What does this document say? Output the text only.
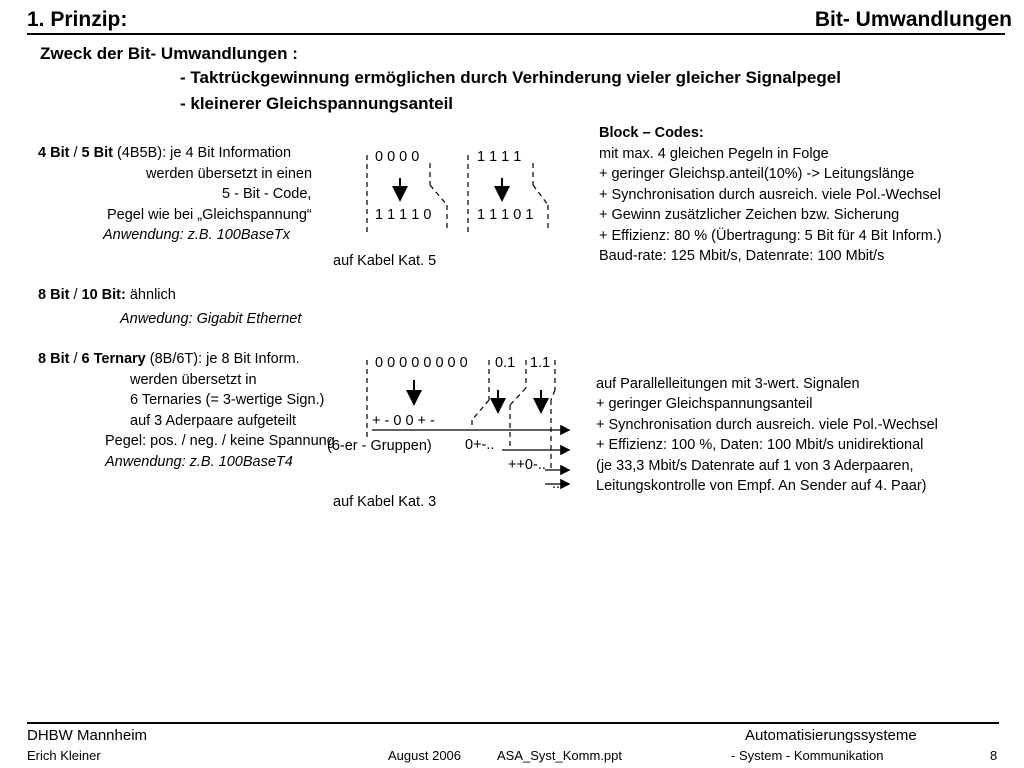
1. Prinzip:	Bit- Umwandlungen
Zweck der Bit- Umwandlungen :
- Taktrückgewinnung ermöglichen durch Verhinderung vieler gleicher Signalpegel
- kleinerer Gleichspannungsanteil
4 Bit / 5 Bit (4B5B): je 4 Bit Information
werden übersetzt in einen
5 - Bit - Code,
Pegel wie bei „Gleichspannung“
Anwendung: z.B. 100BaseTx
0 0 0 0	1 1 1 1
1 1 1 1 0	1 1 1 0 1
auf Kabel Kat. 5
Block – Codes:
mit max. 4 gleichen Pegeln in Folge
+ geringer Gleichsp.anteil(10%) -> Leitungslänge
+ Synchronisation durch ausreich. viele Pol.-Wechsel
+ Gewinn zusätzlicher Zeichen bzw. Sicherung
+ Effizienz: 80 % (Übertragung: 5 Bit für 4 Bit Inform.)
Baud-rate: 125 Mbit/s, Datenrate: 100 Mbit/s
8 Bit / 10 Bit: ähnlich
Anwedung: Gigabit Ethernet
8 Bit / 6 Ternary (8B/6T): je 8 Bit Inform.
werden übersetzt in
6 Ternaries (= 3-wertige Sign.)
auf 3 Aderpaare aufgeteilt
Pegel: pos. / neg. / keine Spannung
Anwendung: z.B. 100BaseT4
0 0 0 0 0 0 0 0 0.1 1.1
+ - 0 0 + -
(6-er - Gruppen) 0+-..
++0-..
..
auf Kabel Kat. 3
auf Parallelleitungen mit 3-wert. Signalen
+ geringer Gleichspannungsanteil
+ Synchronisation durch ausreich. viele Pol.-Wechsel
+ Effizienz: 100 %, Daten: 100 Mbit/s unidirektional
(je 33,3 Mbit/s Datenrate auf 1 von 3 Aderpaaren,
Leitungskontrolle von Empf. An Sender auf 4. Paar)
DHBW Mannheim	Automatisierungssysteme
Erich Kleiner	August 2006	ASA_Syst_Komm.ppt	- System - Kommunikation	8
